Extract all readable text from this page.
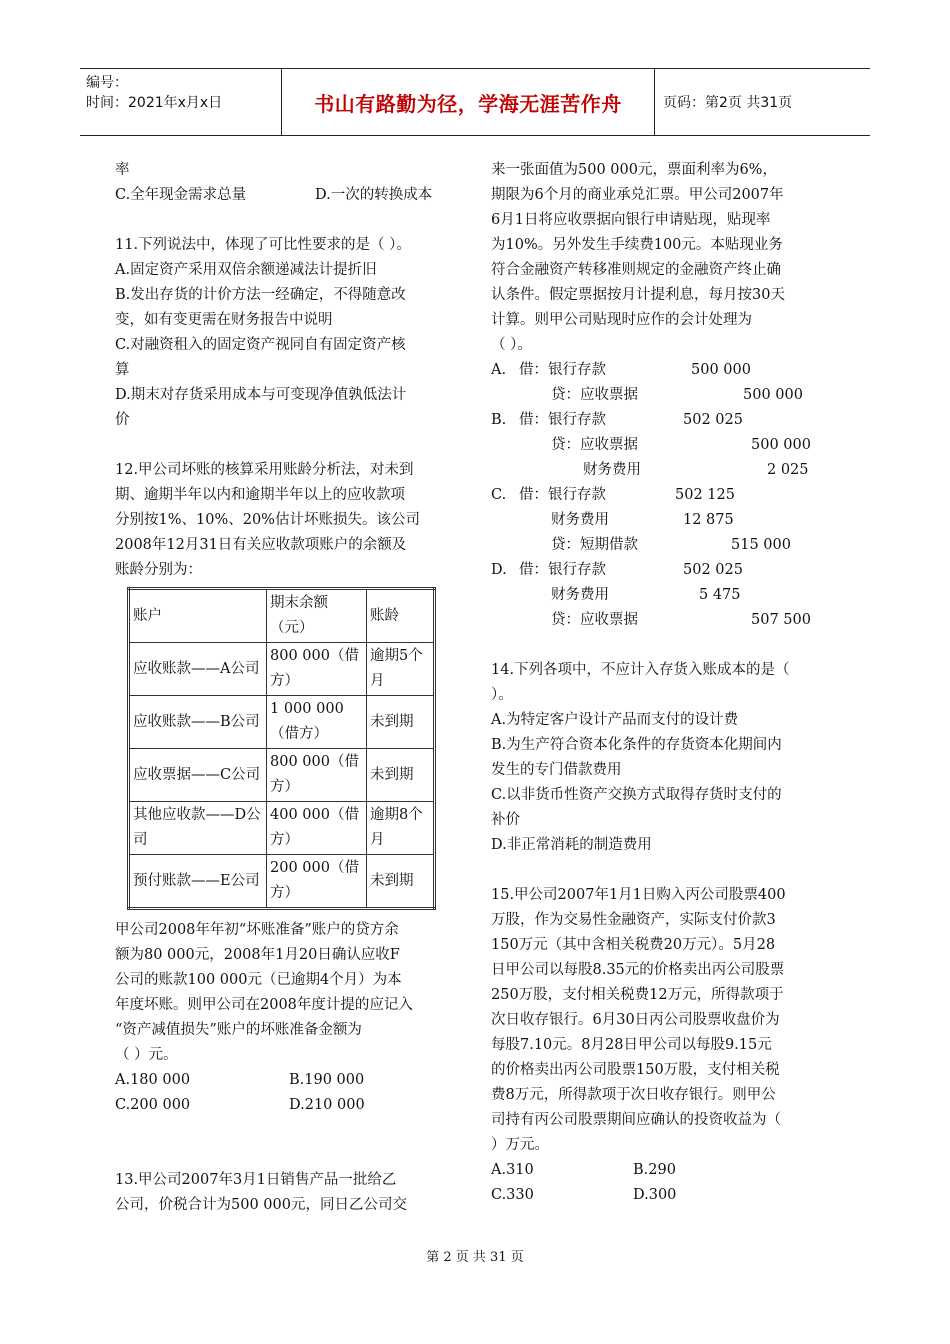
编号：
时间：2021年x月x日	书山有路勤为径，学海无涯苦作舟	页码：第2页 共31页

率

C.全年现金需求总量	D.一次的转换成本

11.下列说法中，体现了可比性要求的是（ ）。

A.固定资产采用双倍余额递减法计提折旧

B.发出存货的计价方法一经确定，不得随意改

变，如有变更需在财务报告中说明

C.对融资租入的固定资产视同自有固定资产核

算

D.期末对存货采用成本与可变现净值孰低法计

价

12.甲公司坏账的核算采用账龄分析法，对未到

期、逾期半年以内和逾期半年以上的应收款项

分别按1%、10%、20%估计坏账损失。该公司

2008年12月31日有关应收款项账户的余额及

账龄分别为：

账户	期末余额（元）	账龄
应收账款——A公司	800 000（借方）	逾期5个月
应收账款——B公司	1 000 000（借方）	未到期
应收票据——C公司	800 000（借方）	未到期
其他应收款——D公司	400 000（借方）	逾期8个月
预付账款——E公司	200 000（借方）	未到期

甲公司2008年年初“坏账准备”账户的贷方余

额为80 000元，2008年1月20日确认应收F

公司的账款100 000元（已逾期4个月）为本

年度坏账。则甲公司在2008年度计提的应记入

“资产减值损失”账户的坏账准备金额为

（ ）元。

A.180 000	B.190 000
C.200 000	D.210 000

13.甲公司2007年3月1日销售产品一批给乙

公司，价税合计为500 000元，同日乙公司交

来一张面值为500 000元，票面利率为6%，

期限为6个月的商业承兑汇票。甲公司2007年

6月1日将应收票据向银行申请贴现，贴现率

为10%。另外发生手续费100元。本贴现业务

符合金融资产转移准则规定的金融资产终止确

认条件。假定票据按月计提利息，每月按30天

计算。则甲公司贴现时应作的会计处理为

（ ）。

A. 借：银行存款	500 000
贷：应收票据	500 000
B. 借：银行存款	502 025
贷：应收票据	500 000
财务费用	2 025
C. 借：银行存款	502 125
财务费用	12 875
贷：短期借款	515 000
D. 借：银行存款	502 025
财务费用	5 475
贷：应收票据	507 500

14.下列各项中，不应计入存货入账成本的是（

）。

A.为特定客户设计产品而支付的设计费

B.为生产符合资本化条件的存货资本化期间内

发生的专门借款费用

C.以非货币性资产交换方式取得存货时支付的

补价

D.非正常消耗的制造费用

15.甲公司2007年1月1日购入丙公司股票400

万股，作为交易性金融资产，实际支付价款3

150万元（其中含相关税费20万元）。5月28

日甲公司以每股8.35元的价格卖出丙公司股票

250万股，支付相关税费12万元，所得款项于

次日收存银行。6月30日丙公司股票收盘价为

每股7.10元。8月28日甲公司以每股9.15元

的价格卖出丙公司股票150万股，支付相关税

费8万元，所得款项于次日收存银行。则甲公

司持有丙公司股票期间应确认的投资收益为（

）万元。

A.310	B.290
C.330	D.300
第 2 页 共 31 页
